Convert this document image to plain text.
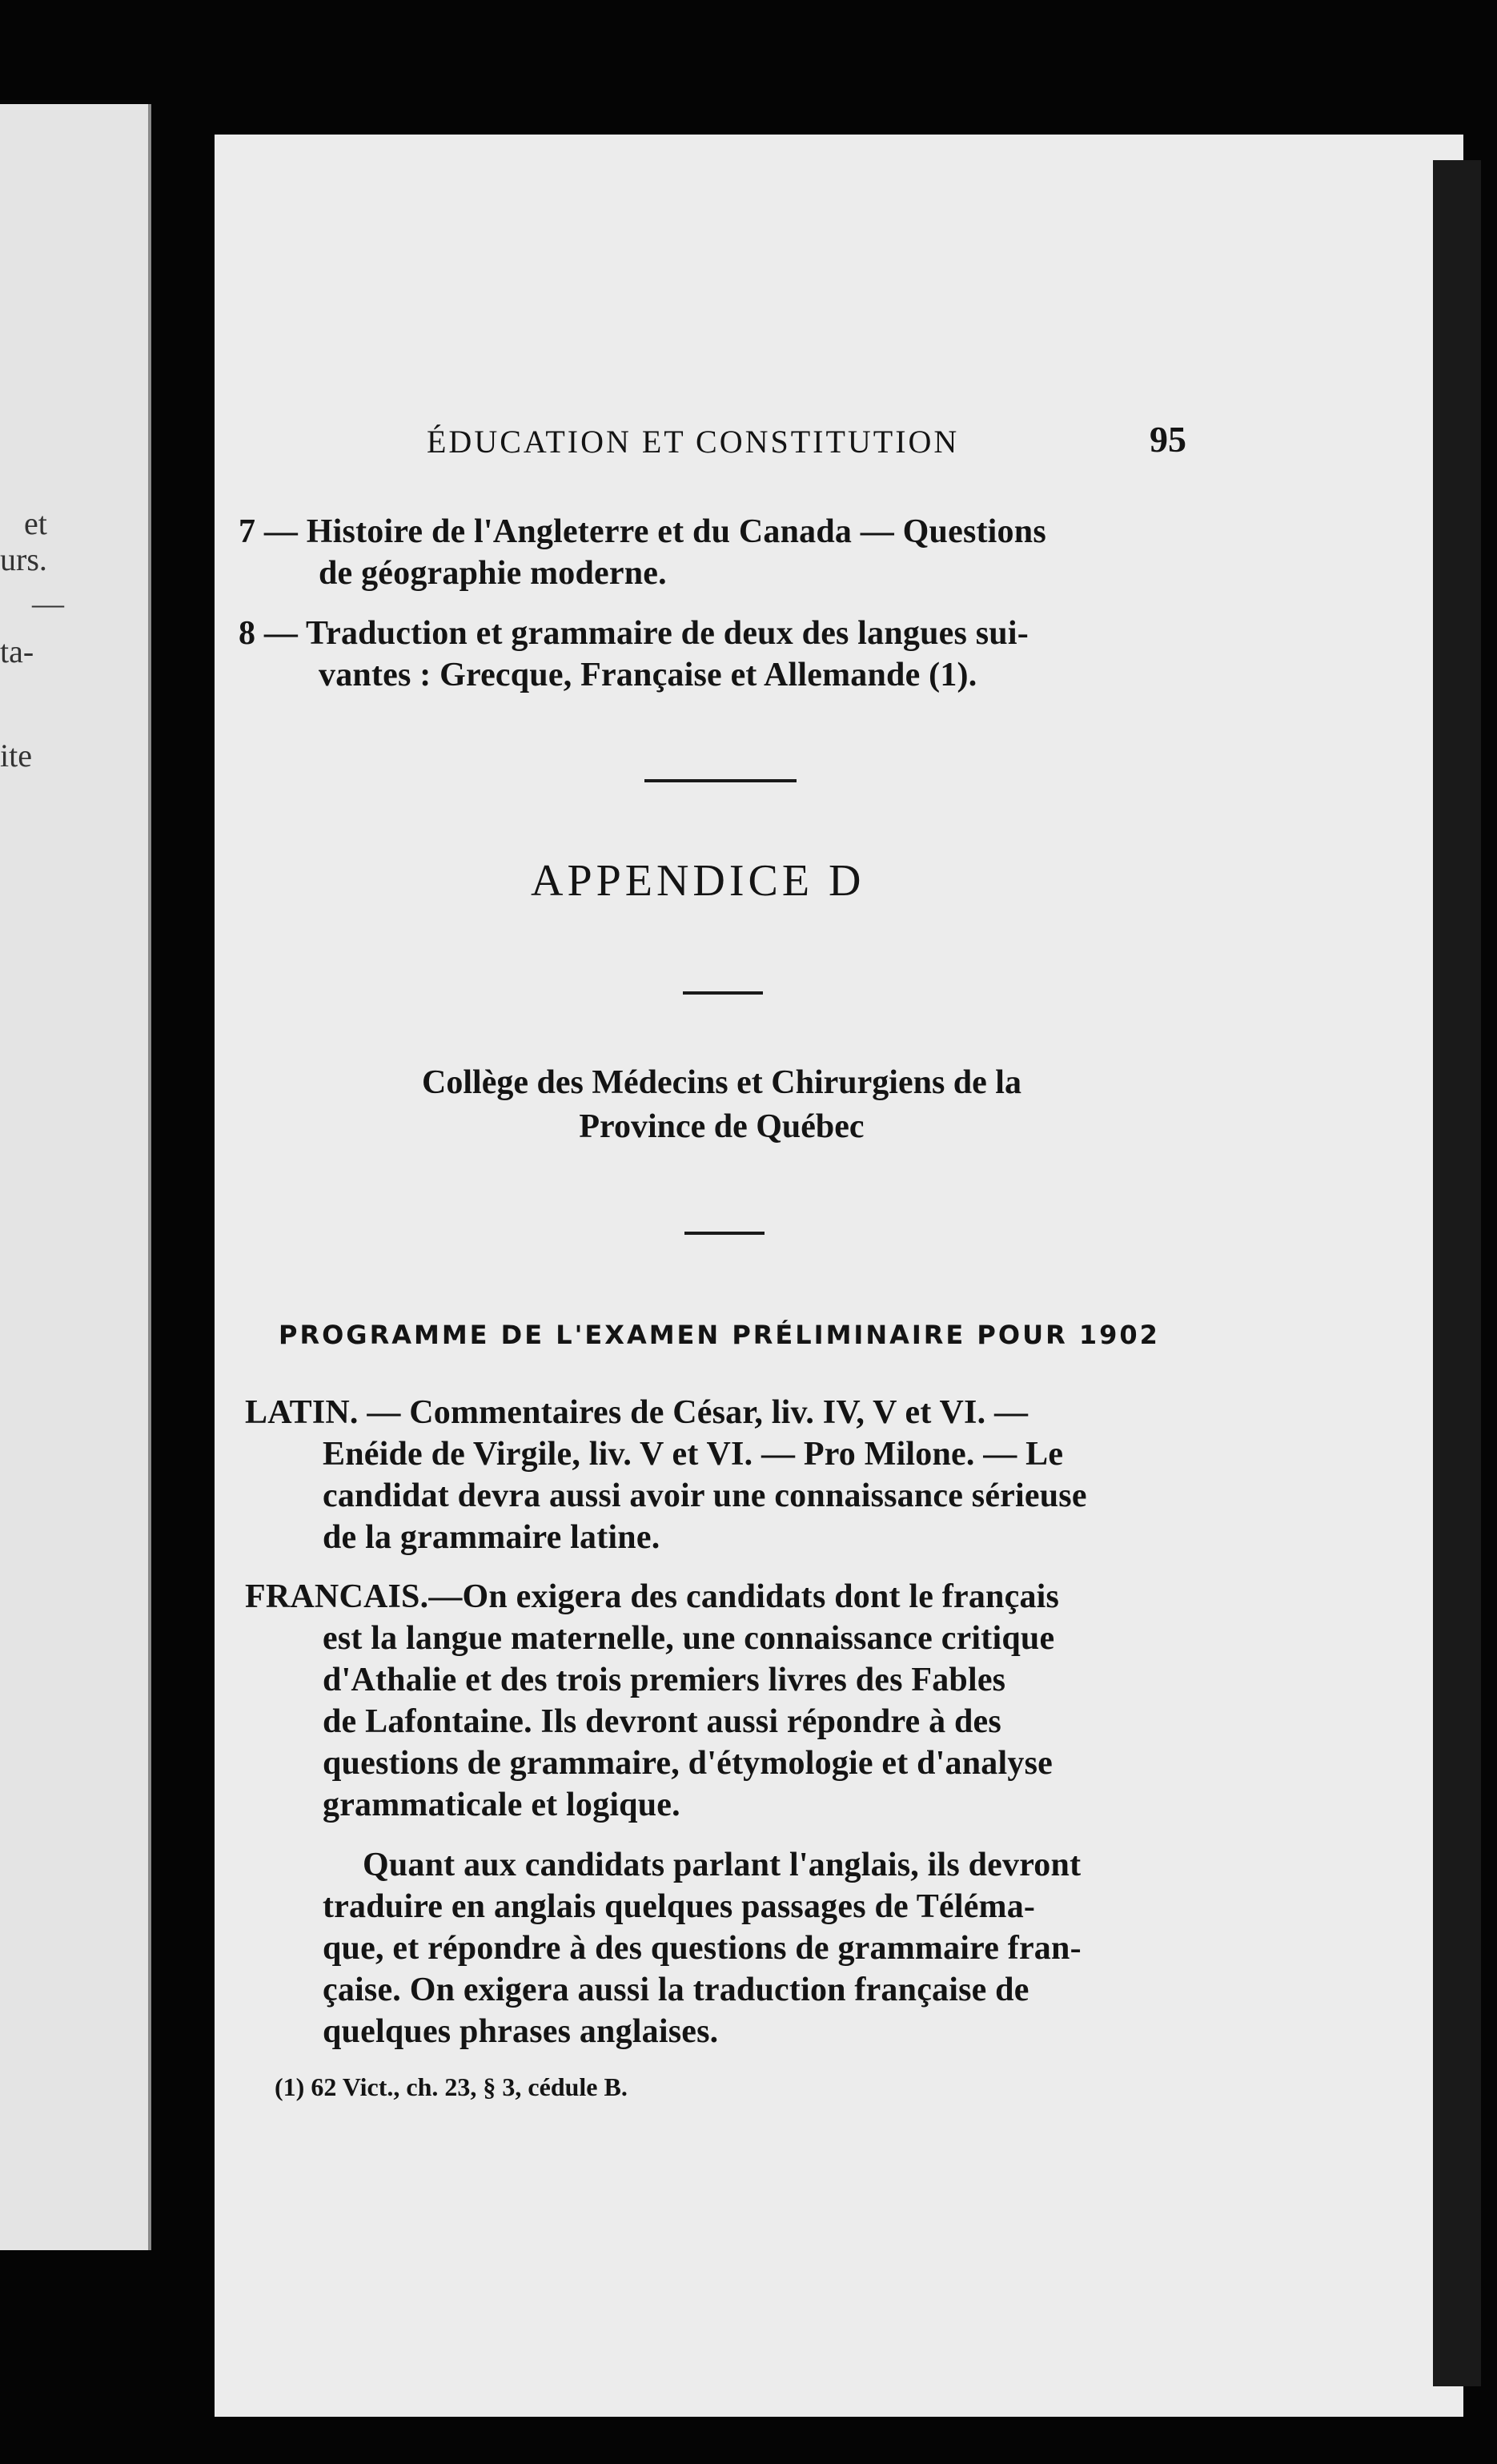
et
urs.
—
ta-
ite
ÉDUCATION ET CONSTITUTION	95
7 — Histoire de l'Angleterre et du Canada — Questions
de géographie moderne.
8 — Traduction et grammaire de deux des langues sui-
vantes : Grecque, Française et Allemande (1).
APPENDICE D
Collège des Médecins et Chirurgiens de la
Province de Québec
PROGRAMME DE L'EXAMEN PRÉLIMINAIRE POUR 1902
LATIN. — Commentaires de César, liv. IV, V et VI. —
Enéide de Virgile, liv. V et VI. — Pro Milone. — Le
candidat devra aussi avoir une connaissance sérieuse
de la grammaire latine.
FRANCAIS.—On exigera des candidats dont le français
est la langue maternelle, une connaissance critique
d'Athalie et des trois premiers livres des Fables
de Lafontaine. Ils devront aussi répondre à des
questions de grammaire, d'étymologie et d'analyse
grammaticale et logique.
Quant aux candidats parlant l'anglais, ils devront
traduire en anglais quelques passages de Téléma-
que, et répondre à des questions de grammaire fran-
çaise. On exigera aussi la traduction française de
quelques phrases anglaises.
(1) 62 Vict., ch. 23, § 3, cédule B.
